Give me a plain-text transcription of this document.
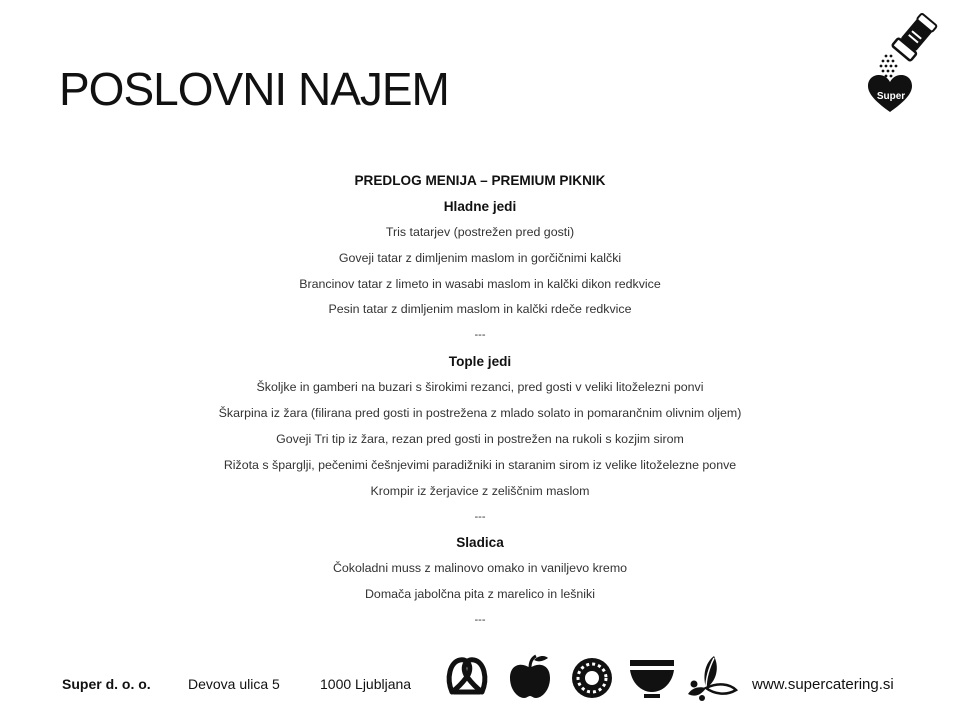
POSLOVNI NAJEM	Super
PREDLOG MENIJA – PREMIUM PIKNIK
Hladne jedi
Tris tatarjev (postrežen pred gosti)
Goveji tatar z dimljenim maslom in gorčičnimi kalčki
Brancinov tatar z limeto in wasabi maslom in kalčki dikon redkvice
Pesin tatar z dimljenim maslom in kalčki rdeče redkvice
---
Tople jedi
Školjke in gamberi na buzari s širokimi rezanci, pred gosti v veliki litoželezni ponvi
Škarpina iz žara (filirana pred gosti in postrežena z mlado solato in pomarančnim olivnim oljem)
Goveji Tri tip iz žara, rezan pred gosti in postrežen na rukoli s kozjim sirom
Rižota s šparglji, pečenimi češnjevimi paradižniki in staranim sirom iz velike litoželezne ponve
Krompir iz žerjavice z zeliščnim maslom
---
Sladica
Čokoladni muss z malinovo omako in vaniljevo kremo
Domača jabolčna pita z marelico in lešniki
---
Super d. o. o.	Devova ulica 5	1000 Ljubljana	www.supercatering.si
